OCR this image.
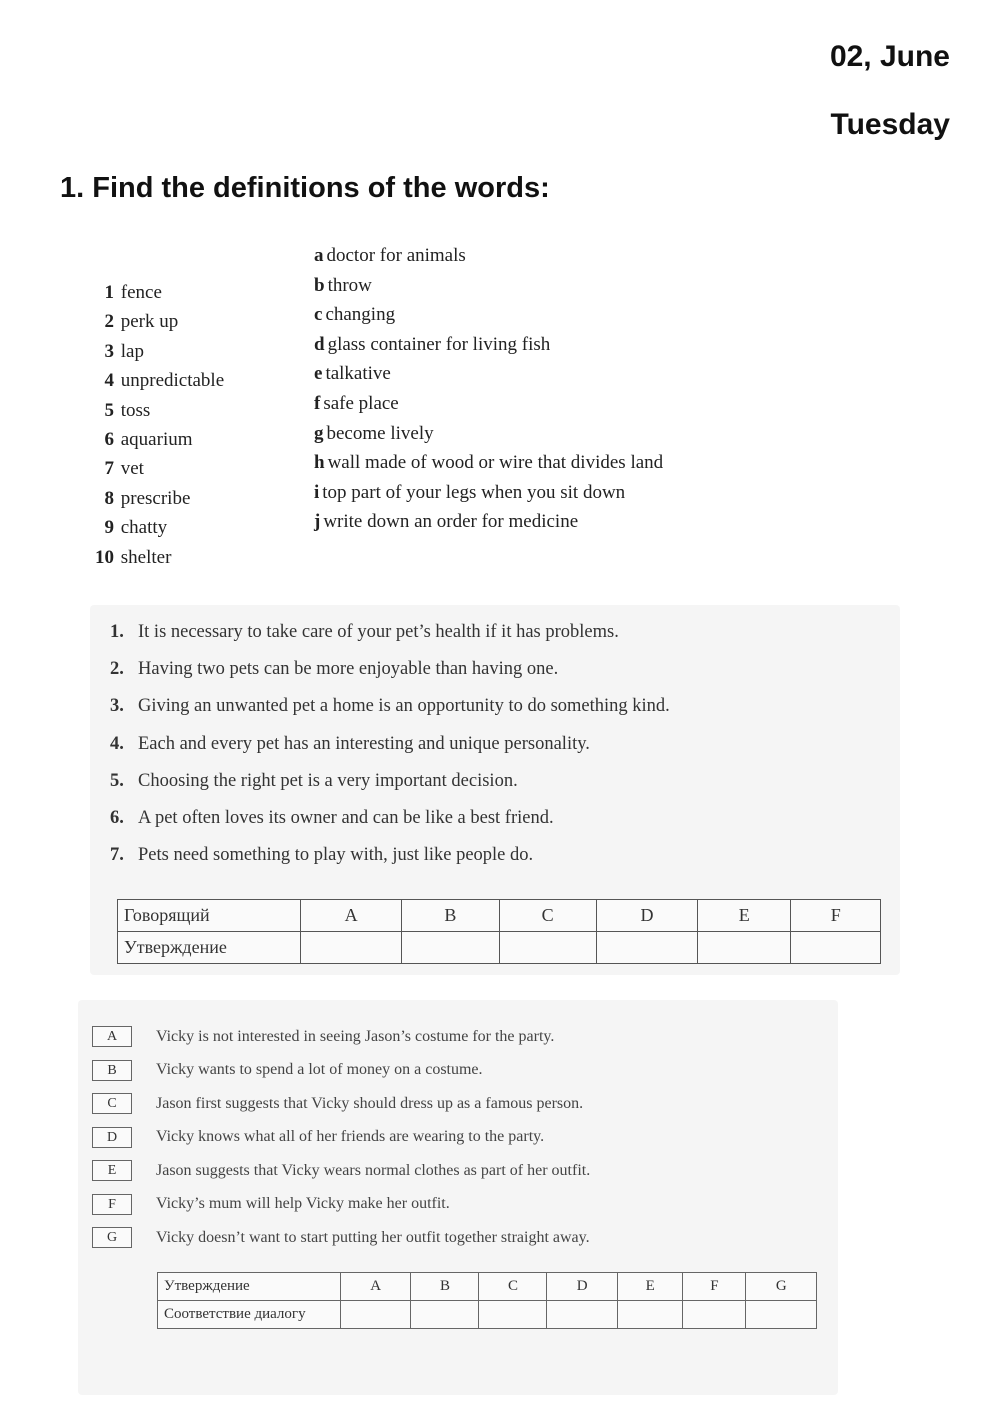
02, June
Tuesday
1. Find the definitions of the words:
1 fence
2 perk up
3 lap
4 unpredictable
5 toss
6 aquarium
7 vet
8 prescribe
9 chatty
10 shelter
a doctor for animals
b throw
c changing
d glass container for living fish
e talkative
f safe place
g become lively
h wall made of wood or wire that divides land
i top part of your legs when you sit down
j write down an order for medicine
1. It is necessary to take care of your pet’s health if it has problems.
2. Having two pets can be more enjoyable than having one.
3. Giving an unwanted pet a home is an opportunity to do something kind.
4. Each and every pet has an interesting and unique personality.
5. Choosing the right pet is a very important decision.
6. A pet often loves its owner and can be like a best friend.
7. Pets need something to play with, just like people do.
Говорящий	A	B	C	D	E	F
Утверждение						
A	Vicky is not interested in seeing Jason’s costume for the party.
B	Vicky wants to spend a lot of money on a costume.
C	Jason first suggests that Vicky should dress up as a famous person.
D	Vicky knows what all of her friends are wearing to the party.
E	Jason suggests that Vicky wears normal clothes as part of her outfit.
F	Vicky’s mum will help Vicky make her outfit.
G	Vicky doesn’t want to start putting her outfit together straight away.
Утверждение	A	B	C	D	E	F	G
Соответствие диалогу							
